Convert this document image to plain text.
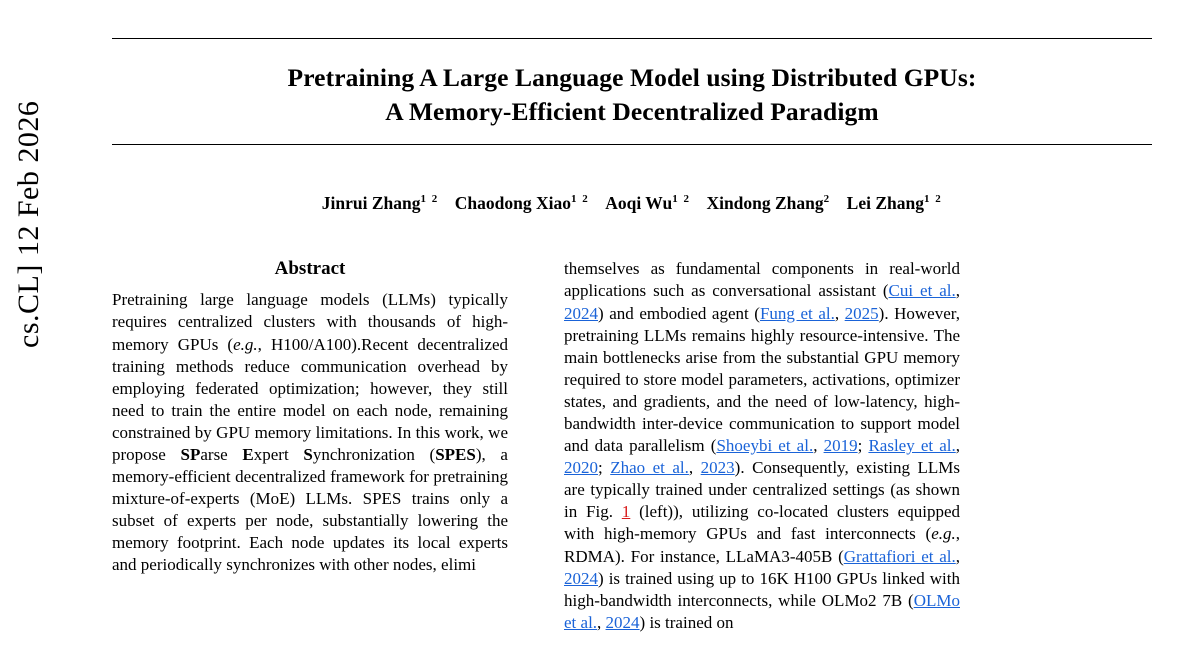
cs.CL] 12 Feb 2026
Pretraining A Large Language Model using Distributed GPUs:
A Memory-Efficient Decentralized Paradigm
Jinrui Zhang$^{1 2}$ Chaodong Xiao$^{1 2}$ Aoqi $Wu^{1 2}$ Xindong Zhang$^2$ Lei Zhang$^{1 2}$
Abstract

Pretraining large language models (LLMs) typically requires centralized clusters with thousands of high-memory GPUs (e.g., H100/A100).Recent decentralized training methods reduce communication overhead by employing federated optimization; however, they still need to train the entire model on each node, remaining constrained by GPU memory limitations. In this work, we propose SParse Expert Synchronization (SPES), a memory-efficient decentralized framework for pretraining mixture-of-experts (MoE) LLMs. SPES trains only a subset of experts per node, substantially lowering the memory footprint. Each node updates its local experts and periodically synchronizes with other nodes, elimi

themselves as fundamental components in real-world applications such as conversational assistant (Cui et al., 2024) and embodied agent (Fung et al., 2025). However, pretraining LLMs remains highly resource-intensive. The main bottlenecks arise from the substantial GPU memory required to store model parameters, activations, optimizer states, and gradients, and the need of low-latency, high-bandwidth inter-device communication to support model and data parallelism (Shoeybi et al., 2019; Rasley et al., 2020; Zhao et al., 2023). Consequently, existing LLMs are typically trained under centralized settings (as shown in Fig. 1 (left)), utilizing co-located clusters equipped with high-memory GPUs and fast interconnects (e.g., RDMA). For instance, LLaMA3-405B (Grattafiori et al., 2024) is trained using up to 16K H100 GPUs linked with high-bandwidth interconnects, while OLMo2 7B (OLMo et al., 2024) is trained on
